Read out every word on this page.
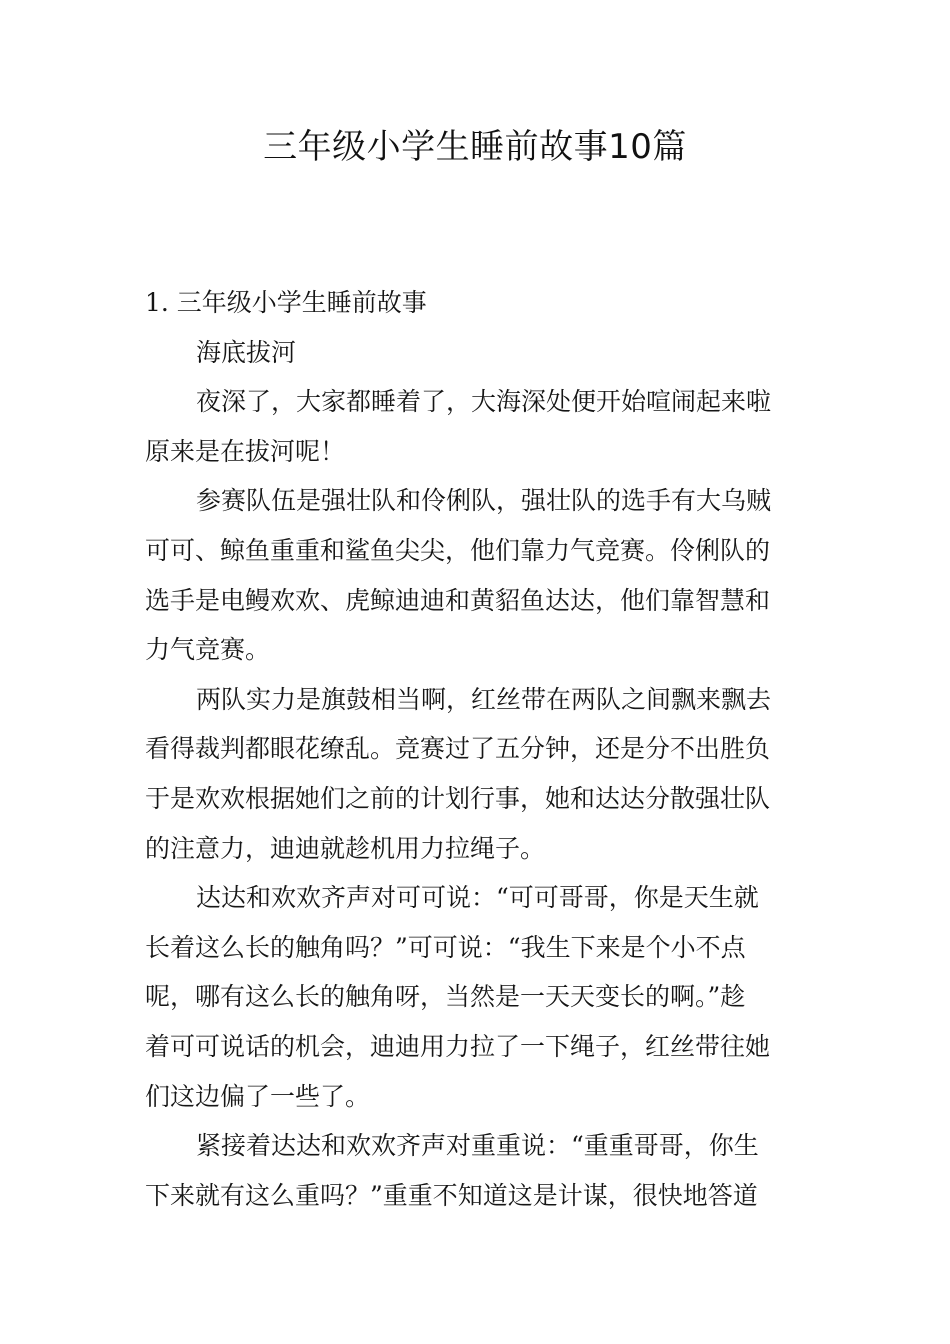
三年级小学生睡前故事10篇
1. 三年级小学生睡前故事
海底拔河

夜深了，大家都睡着了，大海深处便开始喧闹起来啦
原来是在拔河呢！

参赛队伍是强壮队和伶俐队，强壮队的选手有大乌贼
可可、鲸鱼重重和鲨鱼尖尖，他们靠力气竞赛。伶俐队的
选手是电鳗欢欢、虎鲸迪迪和黄貂鱼达达，他们靠智慧和
力气竞赛。

两队实力是旗鼓相当啊，红丝带在两队之间飘来飘去
看得裁判都眼花缭乱。竞赛过了五分钟，还是分不出胜负
于是欢欢根据她们之前的计划行事，她和达达分散强壮队
的注意力，迪迪就趁机用力拉绳子。

达达和欢欢齐声对可可说：“可可哥哥，你是天生就
长着这么长的触角吗？”可可说：“我生下来是个小不点
呢，哪有这么长的触角呀，当然是一天天变长的啊。”趁
着可可说话的机会，迪迪用力拉了一下绳子，红丝带往她
们这边偏了一些了。

紧接着达达和欢欢齐声对重重说：“重重哥哥，你生
下来就有这么重吗？”重重不知道这是计谋，很快地答道
